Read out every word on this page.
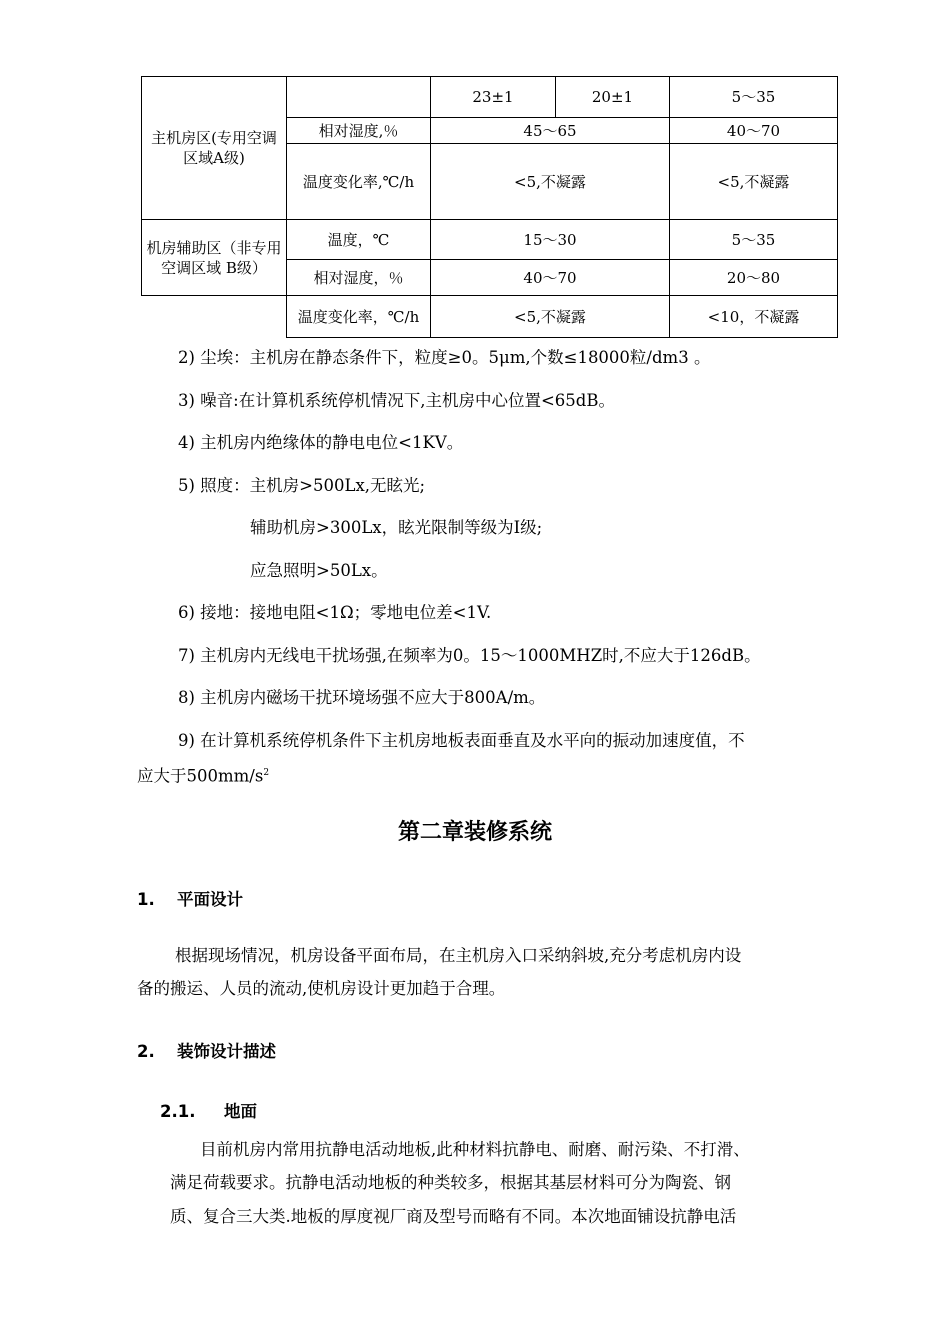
主机房区(专用空调区域A级)		23±1	20±1	5～35
	相对湿度,％	45～65		40～70
	温度变化率,℃/h	<5,不凝露		<5,不凝露
机房辅助区（非专用空调区域 B级）	温度，℃	15～30		5～35
	相对湿度，％	40～70		20～80
	温度变化率，℃/h	<5,不凝露		<10，不凝露
2) 尘埃：主机房在静态条件下，粒度≥0。5μm,个数≤18000粒/dm3 。
3) 噪音:在计算机系统停机情况下,主机房中心位置<65dB。
4) 主机房内绝缘体的静电电位<1KV。
5) 照度：主机房>500Lx,无眩光;
辅助机房>300Lx，眩光限制等级为Ⅰ级;
应急照明>50Lx。
6) 接地：接地电阻<1Ω；零地电位差<1V.
7) 主机房内无线电干扰场强,在频率为0。15～1000MHZ时,不应大于126dB。
8) 主机房内磁场干扰环境场强不应大于800A/m。
9) 在计算机系统停机条件下主机房地板表面垂直及水平向的振动加速度值，不
应大于$500mm/s^2$
第二章装修系统
1. 平面设计
根据现场情况，机房设备平面布局，在主机房入口采纳斜坡,充分考虑机房内设
备的搬运、人员的流动,使机房设计更加趋于合理。
2. 装饰设计描述
2.1. 地面
目前机房内常用抗静电活动地板,此种材料抗静电、耐磨、耐污染、不打滑、
满足荷载要求。抗静电活动地板的种类较多，根据其基层材料可分为陶瓷、钢
质、复合三大类.地板的厚度视厂商及型号而略有不同。本次地面铺设抗静电活
